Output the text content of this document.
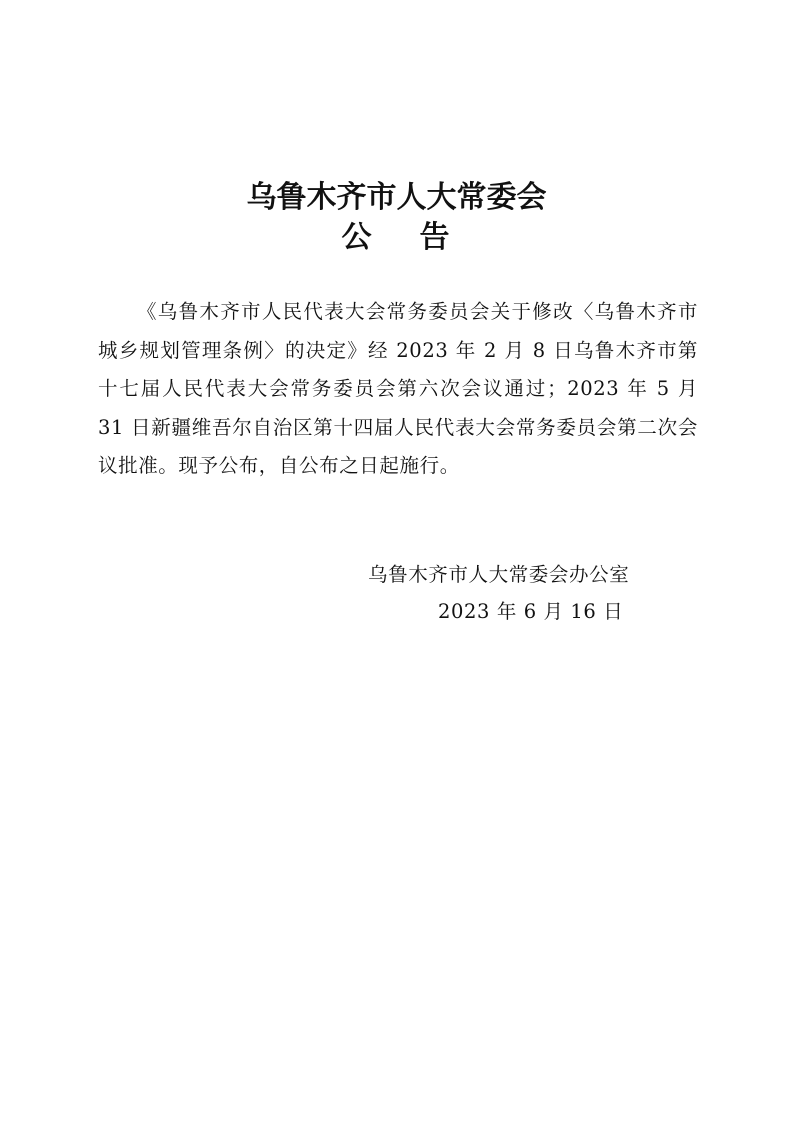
乌鲁木齐市人大常委会
公 告
《乌鲁木齐市人民代表大会常务委员会关于修改〈乌鲁木齐市城乡规划管理条例〉的决定》经 2023 年 2 月 8 日乌鲁木齐市第十七届人民代表大会常务委员会第六次会议通过；2023 年 5 月 31 日新疆维吾尔自治区第十四届人民代表大会常务委员会第二次会议批准。现予公布，自公布之日起施行。
乌鲁木齐市人大常委会办公室
2023 年 6 月 16 日
